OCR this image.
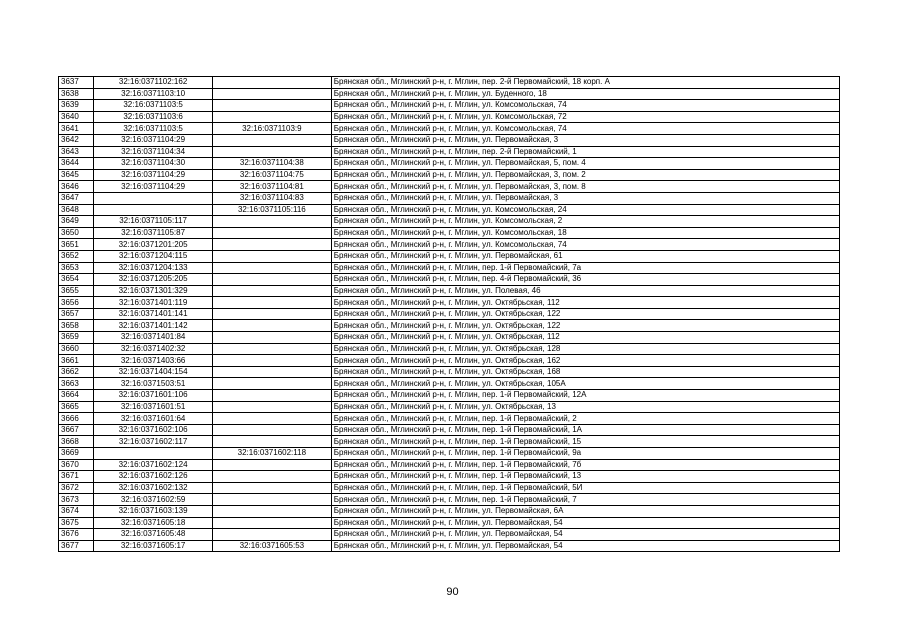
3637	32:16:0371102:162		Брянская обл., Мглинский р-н, г. Мглин, пер. 2-й Первомайский, 18 корп. А
3638	32:16:0371103:10		Брянская обл., Мглинский р-н, г. Мглин, ул. Буденного, 18
3639	32:16:0371103:5		Брянская обл., Мглинский р-н, г. Мглин, ул. Комсомольская, 74
3640	32:16:0371103:6		Брянская обл., Мглинский р-н, г. Мглин, ул. Комсомольская, 72
3641	32:16:0371103:5	32:16:0371103:9	Брянская обл., Мглинский р-н, г. Мглин, ул. Комсомольская, 74
3642	32:16:0371104:29		Брянская обл., Мглинский р-н, г. Мглин, ул. Первомайская, 3
3643	32:16:0371104:34		Брянская обл., Мглинский р-н, г. Мглин, пер. 2-й Первомайский, 1
3644	32:16:0371104:30	32:16:0371104:38	Брянская обл., Мглинский р-н, г. Мглин, ул. Первомайская, 5, пом. 4
3645	32:16:0371104:29	32:16:0371104:75	Брянская обл., Мглинский р-н, г. Мглин, ул. Первомайская, 3, пом. 2
3646	32:16:0371104:29	32:16:0371104:81	Брянская обл., Мглинский р-н, г. Мглин, ул. Первомайская, 3, пом. 8
3647		32:16:0371104:83	Брянская обл., Мглинский р-н, г. Мглин, ул. Первомайская, 3
3648		32:16:0371105:116	Брянская обл., Мглинский р-н, г. Мглин, ул. Комсомольская, 24
3649	32:16:0371105:117		Брянская обл., Мглинский р-н, г. Мглин, ул. Комсомольская, 2
3650	32:16:0371105:87		Брянская обл., Мглинский р-н, г. Мглин, ул. Комсомольская, 18
3651	32:16:0371201:205		Брянская обл., Мглинский р-н, г. Мглин, ул. Комсомольская, 74
3652	32:16:0371204:115		Брянская обл., Мглинский р-н, г. Мглин, ул. Первомайская, 61
3653	32:16:0371204:133		Брянская обл., Мглинский р-н, г. Мглин, пер. 1-й Первомайский, 7а
3654	32:16:0371205:205		Брянская обл., Мглинский р-н, г. Мглин, пер. 4-й Первомайский, 36
3655	32:16:0371301:329		Брянская обл., Мглинский р-н, г. Мглин, ул. Полевая, 46
3656	32:16:0371401:119		Брянская обл., Мглинский р-н, г. Мглин, ул. Октябрьская, 112
3657	32:16:0371401:141		Брянская обл., Мглинский р-н, г. Мглин, ул. Октябрьская, 122
3658	32:16:0371401:142		Брянская обл., Мглинский р-н, г. Мглин, ул. Октябрьская, 122
3659	32:16:0371401:84		Брянская обл., Мглинский р-н, г. Мглин, ул. Октябрьская, 112
3660	32:16:0371402:32		Брянская обл., Мглинский р-н, г. Мглин, ул. Октябрьская, 128
3661	32:16:0371403:66		Брянская обл., Мглинский р-н, г. Мглин, ул. Октябрьская, 162
3662	32:16:0371404:154		Брянская обл., Мглинский р-н, г. Мглин, ул. Октябрьская, 168
3663	32:16:0371503:51		Брянская обл., Мглинский р-н, г. Мглин, ул. Октябрьская, 105А
3664	32:16:0371601:106		Брянская обл., Мглинский р-н, г. Мглин, пер. 1-й Первомайский, 12А
3665	32:16:0371601:51		Брянская обл., Мглинский р-н, г. Мглин, ул. Октябрьская, 13
3666	32:16:0371601:64		Брянская обл., Мглинский р-н, г. Мглин, пер. 1-й Первомайский, 2
3667	32:16:0371602:106		Брянская обл., Мглинский р-н, г. Мглин, пер. 1-й Первомайский, 1А
3668	32:16:0371602:117		Брянская обл., Мглинский р-н, г. Мглин, пер. 1-й Первомайский, 15
3669		32:16:0371602:118	Брянская обл., Мглинский р-н, г. Мглин, пер. 1-й Первомайский, 9а
3670	32:16:0371602:124		Брянская обл., Мглинский р-н, г. Мглин, пер. 1-й Первомайский, 7б
3671	32:16:0371602:126		Брянская обл., Мглинский р-н, г. Мглин, пер. 1-й Первомайский, 13
3672	32:16:0371602:132		Брянская обл., Мглинский р-н, г. Мглин, пер. 1-й Первомайский, 5И
3673	32:16:0371602:59		Брянская обл., Мглинский р-н, г. Мглин, пер. 1-й Первомайский, 7
3674	32:16:0371603:139		Брянская обл., Мглинский р-н, г. Мглин, ул. Первомайская, 6А
3675	32:16:0371605:18		Брянская обл., Мглинский р-н, г. Мглин, ул. Первомайская, 54
3676	32:16:0371605:48		Брянская обл., Мглинский р-н, г. Мглин, ул. Первомайская, 54
3677	32:16:0371605:17	32:16:0371605:53	Брянская обл., Мглинский р-н, г. Мглин, ул. Первомайская, 54
90
